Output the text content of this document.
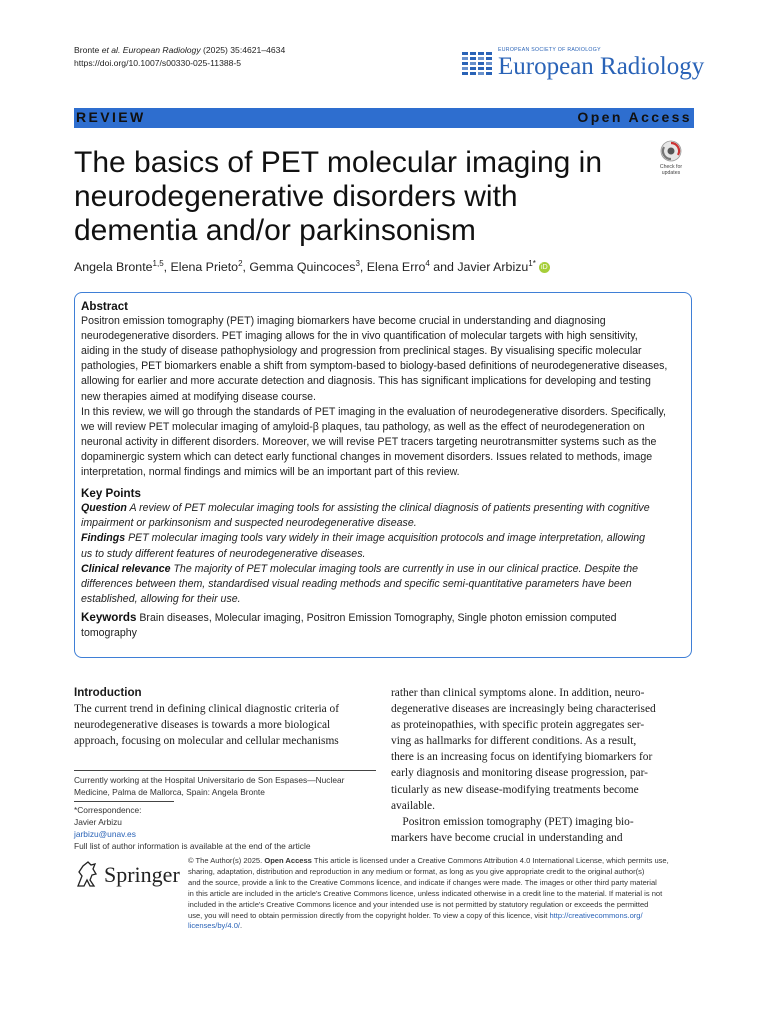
Bronte et al. European Radiology (2025) 35:4621–4634
https://doi.org/10.1007/s00330-025-11388-5
EUROPEAN SOCIETY OF RADIOLOGY
European Radiology
REVIEW	Open Access
The basics of PET molecular imaging in
neurodegenerative disorders with
dementia and/or parkinsonism
Check for
updates
Angela Bronte$^{1,5}$, Elena Prieto$^2$, Gemma Quincoces$^3$, Elena Erro$^4$ and Javier Arbizu$^{1*}$ iD
Abstract
Positron emission tomography (PET) imaging biomarkers have become crucial in understanding and diagnosing
neurodegenerative disorders. PET imaging allows for the in vivo quantification of molecular targets with high sensitivity,
aiding in the study of disease pathophysiology and progression from preclinical stages. By visualising specific molecular
pathologies, PET biomarkers enable a shift from symptom-based to biology-based definitions of neurodegenerative diseases,
allowing for earlier and more accurate detection and diagnosis. This has significant implications for developing and testing
new therapies aimed at modifying disease course.
In this review, we will go through the standards of PET imaging in the evaluation of neurodegenerative disorders. Specifically,
we will review PET molecular imaging of amyloid-β plaques, tau pathology, as well as the effect of neurodegeneration on
neuronal activity in different disorders. Moreover, we will revise PET tracers targeting neurotransmitter systems such as the
dopaminergic system which can detect early functional changes in movement disorders. Issues related to methods, image
interpretation, normal findings and mimics will be an important part of this review.
Key Points
Question A review of PET molecular imaging tools for assisting the clinical diagnosis of patients presenting with cognitive
impairment or parkinsonism and suspected neurodegenerative disease.
Findings PET molecular imaging tools vary widely in their image acquisition protocols and image interpretation, allowing
us to study different features of neurodegenerative diseases.
Clinical relevance The majority of PET molecular imaging tools are currently in use in our clinical practice. Despite the
differences between them, standardised visual reading methods and specific semi-quantitative parameters have been
established, allowing for their use.
Keywords Brain diseases, Molecular imaging, Positron Emission Tomography, Single photon emission computed
tomography
Introduction
The current trend in defining clinical diagnostic criteria of
neurodegenerative diseases is towards a more biological
approach, focusing on molecular and cellular mechanisms
rather than clinical symptoms alone. In addition, neuro-
degenerative diseases are increasingly being characterised
as proteinopathies, with specific protein aggregates ser-
ving as hallmarks for different conditions. As a result,
there is an increasing focus on identifying biomarkers for
early diagnosis and monitoring disease progression, par-
ticularly as new disease-modifying treatments become
available.
Positron emission tomography (PET) imaging bio-
markers have become crucial in understanding and
Currently working at the Hospital Universitario de Son Espases—Nuclear
Medicine, Palma de Mallorca, Spain: Angela Bronte
*Correspondence:
Javier Arbizu
jarbizu@unav.es
Full list of author information is available at the end of the article
Springer
© The Author(s) 2025. Open Access This article is licensed under a Creative Commons Attribution 4.0 International License, which permits use,
sharing, adaptation, distribution and reproduction in any medium or format, as long as you give appropriate credit to the original author(s)
and the source, provide a link to the Creative Commons licence, and indicate if changes were made. The images or other third party material
in this article are included in the article's Creative Commons licence, unless indicated otherwise in a credit line to the material. If material is not
included in the article's Creative Commons licence and your intended use is not permitted by statutory regulation or exceeds the permitted
use, you will need to obtain permission directly from the copyright holder. To view a copy of this licence, visit http://creativecommons.org/
licenses/by/4.0/.
